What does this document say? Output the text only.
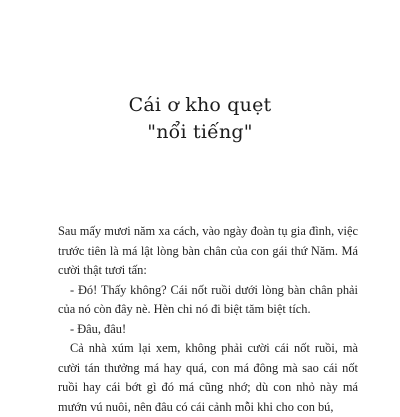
Cái ơ kho quẹt
"nổi tiếng"

Sau mấy mươi năm xa cách, vào ngày đoàn tụ gia đình, việc trước tiên là má lật lòng bàn chân của con gái thứ Năm. Má cười thật tươi tấn:

- Đó! Thấy không? Cái nốt ruồi dưới lòng bàn chân phải của nó còn đây nè. Hèn chi nó đi biệt tăm biệt tích.

- Đâu, đâu!

Cả nhà xúm lại xem, không phải cười cái nốt ruồi, mà cười tán thưởng má hay quá, con má đông mà sao cái nốt ruồi hay cái bớt gì đó má cũng nhớ; dù con nhỏ này má mướn vú nuôi, nên đâu có cái cảnh mỗi khi cho con bú,
